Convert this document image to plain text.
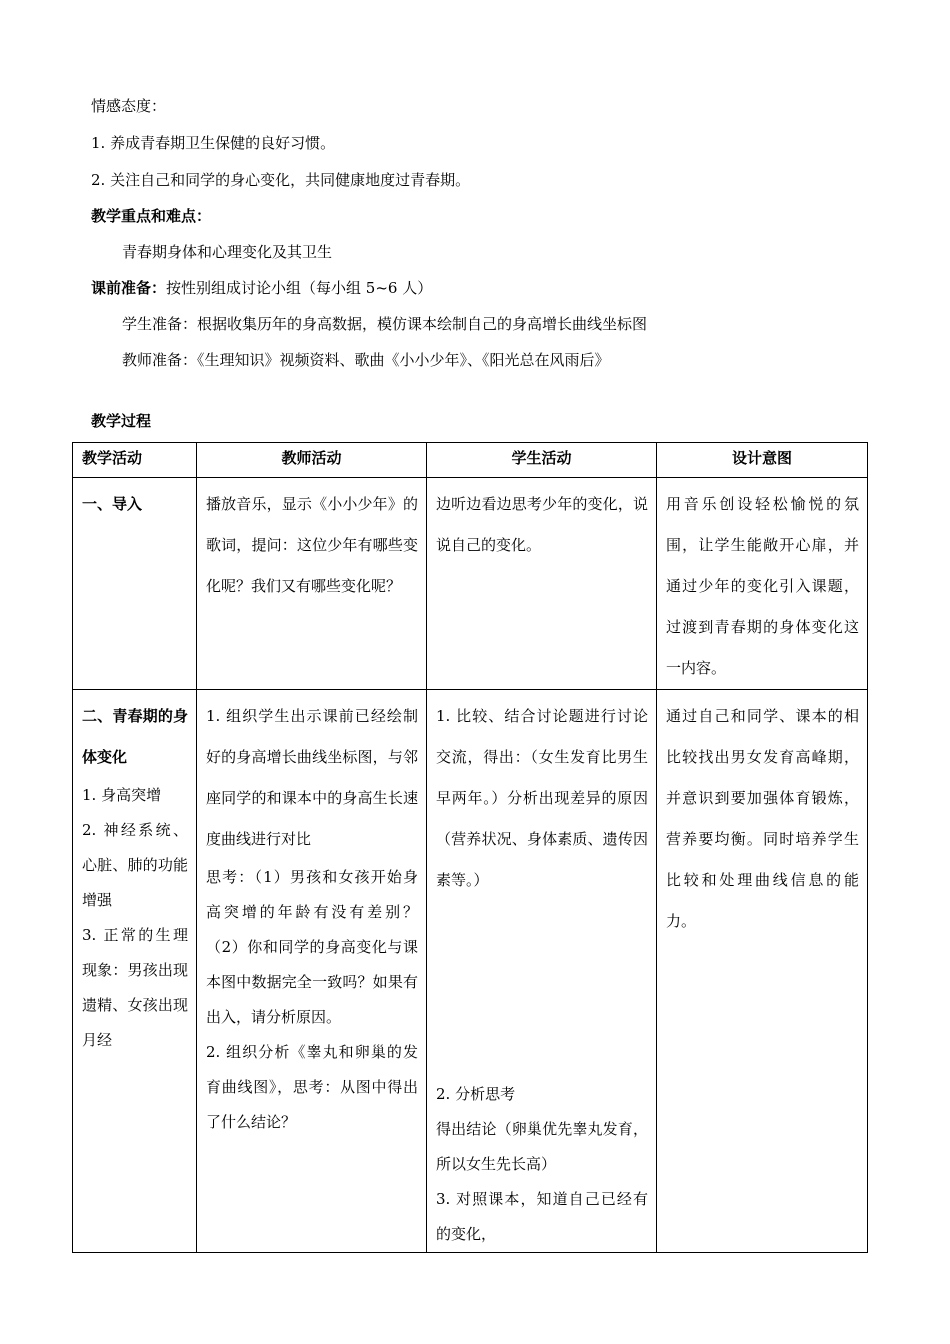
情感态度：
1. 养成青春期卫生保健的良好习惯。
2. 关注自己和同学的身心变化，共同健康地度过青春期。
教学重点和难点：
青春期身体和心理变化及其卫生
课前准备：按性别组成讨论小组（每小组 5~6 人）
学生准备：根据收集历年的身高数据，模仿课本绘制自己的身高增长曲线坐标图
教师准备：《生理知识》视频资料、歌曲《小小少年》、《阳光总在风雨后》
教学过程
教学活动	教师活动	学生活动	设计意图

一、导入	播放音乐，显示《小小少年》的歌词，提问：这位少年有哪些变化呢？我们又有哪些变化呢？	边听边看边思考少年的变化，说说自己的变化。	用音乐创设轻松愉悦的氛围，让学生能敞开心扉，并通过少年的变化引入课题，过渡到青春期的身体变化这一内容。

二、青春期的身体变化
1. 身高突增
2. 神经系统、心脏、肺的功能增强
3. 正常的生理现象：男孩出现遗精、女孩出现月经	1. 组织学生出示课前已经绘制好的身高增长曲线坐标图，与邻座同学的和课本中的身高生长速度曲线进行对比
思考：（1）男孩和女孩开始身高突增的年龄有没有差别？（2）你和同学的身高变化与课本图中数据完全一致吗？如果有出入，请分析原因。
2. 组织分析《睾丸和卵巢的发育曲线图》，思考：从图中得出了什么结论？	1. 比较、结合讨论题进行讨论交流，得出：（女生发育比男生早两年。）分析出现差异的原因（营养状况、身体素质、遗传因素等。）
2. 分析思考
得出结论（卵巢优先睾丸发育，所以女生先长高）
3. 对照课本，知道自己已经有的变化，	通过自己和同学、课本的相比较找出男女发育高峰期，并意识到要加强体育锻炼，营养要均衡。同时培养学生比较和处理曲线信息的能力。
